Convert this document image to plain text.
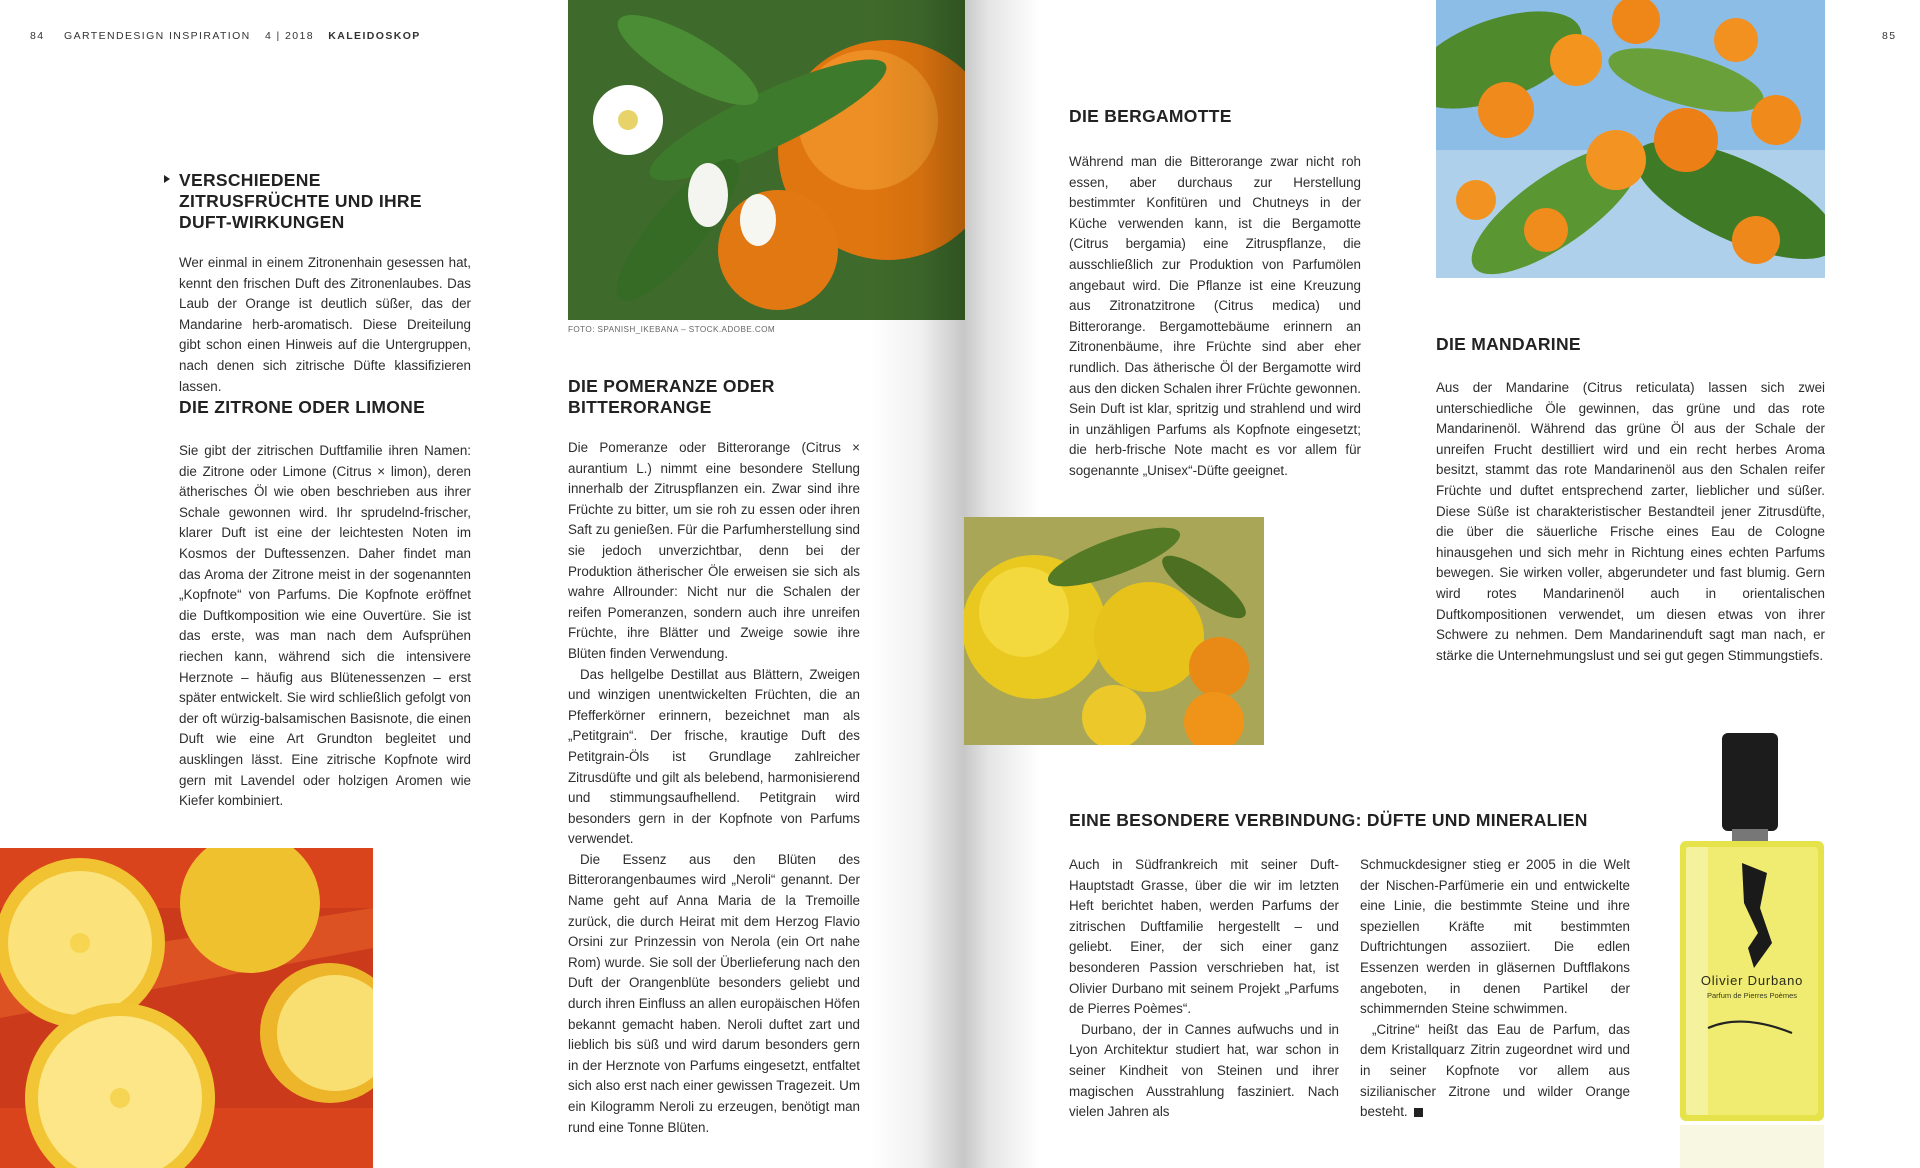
84 GARTENDESIGN INSPIRATION 4 | 2018 KALEIDOSKOP	85
VERSCHIEDENE ZITRUSFRÜCHTE UND IHRE DUFT-WIRKUNGEN

Wer einmal in einem Zitronenhain gesessen hat, kennt den frischen Duft des Zitronenlaubes. Das Laub der Orange ist deutlich süßer, das der Mandarine herb-aromatisch. Diese Dreiteilung gibt schon einen Hinweis auf die Untergruppen, nach denen sich zitrische Düfte klassifizieren lassen.

DIE ZITRONE ODER LIMONE

Sie gibt der zitrischen Duftfamilie ihren Namen: die Zitrone oder Limone (Citrus × limon), deren ätherisches Öl wie oben beschrieben aus ihrer Schale gewonnen wird. Ihr sprudelnd-frischer, klarer Duft ist eine der leichtesten Noten im Kosmos der Duftessenzen. Daher findet man das Aroma der Zitrone meist in der sogenannten „Kopfnote“ von Parfums. Die Kopfnote eröffnet die Duftkomposition wie eine Ouvertüre. Sie ist das erste, was man nach dem Aufsprühen riechen kann, während sich die intensivere Herznote – häufig aus Blütenessenzen – erst später entwickelt. Sie wird schließlich gefolgt von der oft würzig-balsamischen Basisnote, die einen Duft wie eine Art Grundton begleitet und ausklingen lässt. Eine zitrische Kopfnote wird gern mit Lavendel oder holzigen Aromen wie Kiefer kombiniert.

FOTO: SPANISH_IKEBANA – STOCK.ADOBE.COM
DIE POMERANZE ODER BITTERORANGE

Die Pomeranze oder Bitterorange (Citrus × aurantium L.) nimmt eine besondere Stellung innerhalb der Zitruspflanzen ein. Zwar sind ihre Früchte zu bitter, um sie roh zu essen oder ihren Saft zu genießen. Für die Parfumherstellung sind sie jedoch unverzichtbar, denn bei der Produktion ätherischer Öle erweisen sie sich als wahre Allrounder: Nicht nur die Schalen der reifen Pomeranzen, sondern auch ihre unreifen Früchte, ihre Blätter und Zweige sowie ihre Blüten finden Verwendung.

Das hellgelbe Destillat aus Blättern, Zweigen und winzigen unentwickelten Früchten, die an Pfefferkörner erinnern, bezeichnet man als „Petitgrain“. Der frische, krautige Duft des Petitgrain-Öls ist Grundlage zahlreicher Zitrusdüfte und gilt als belebend, harmonisierend und stimmungsaufhellend. Petitgrain wird besonders gern in der Kopfnote von Parfums verwendet.

Die Essenz aus den Blüten des Bitterorangenbaumes wird „Neroli“ genannt. Der Name geht auf Anna Maria de la Tremoille zurück, die durch Heirat mit dem Herzog Flavio Orsini zur Prinzessin von Nerola (ein Ort nahe Rom) wurde. Sie soll der Überlieferung nach den Duft der Orangenblüte besonders geliebt und durch ihren Einfluss an allen europäischen Höfen bekannt gemacht haben. Neroli duftet zart und lieblich bis süß und wird darum besonders gern in der Herznote von Parfums eingesetzt, entfaltet sich also erst nach einer gewissen Tragezeit. Um ein Kilogramm Neroli zu erzeugen, benötigt man rund eine Tonne Blüten.

DIE BERGAMOTTE

Während man die Bitterorange zwar nicht roh essen, aber durchaus zur Herstellung bestimmter Konfitüren und Chutneys in der Küche verwenden kann, ist die Bergamotte (Citrus bergamia) eine Zitruspflanze, die ausschließlich zur Produktion von Parfumölen angebaut wird. Die Pflanze ist eine Kreuzung aus Zitronatzitrone (Citrus medica) und Bitterorange. Bergamottebäume erinnern an Zitronenbäume, ihre Früchte sind aber eher rundlich. Das ätherische Öl der Bergamotte wird aus den dicken Schalen ihrer Früchte gewonnen. Sein Duft ist klar, spritzig und strahlend und wird in unzähligen Parfums als Kopfnote eingesetzt; die herb-frische Note macht es vor allem für sogenannte „Unisex“-Düfte geeignet.

DIE MANDARINE

Aus der Mandarine (Citrus reticulata) lassen sich zwei unterschiedliche Öle gewinnen, das grüne und das rote Mandarinenöl. Während das grüne Öl aus der Schale der unreifen Frucht destilliert wird und ein recht herbes Aroma besitzt, stammt das rote Mandarinenöl aus den Schalen reifer Früchte und duftet entsprechend zarter, lieblicher und süßer. Diese Süße ist charakteristischer Bestandteil jener Zitrusdüfte, die über die säuerliche Frische eines Eau de Cologne hinausgehen und sich mehr in Richtung eines echten Parfums bewegen. Sie wirken voller, abgerundeter und fast blumig. Gern wird rotes Mandarinenöl auch in orientalischen Duftkompositionen verwendet, um diesen etwas von ihrer Schwere zu nehmen. Dem Mandarinenduft sagt man nach, er stärke die Unternehmungslust und sei gut gegen Stimmungstiefs.

EINE BESONDERE VERBINDUNG: DÜFTE UND MINERALIEN

Auch in Südfrankreich mit seiner Duft-Hauptstadt Grasse, über die wir im letzten Heft berichtet haben, werden Parfums der zitrischen Duftfamilie hergestellt – und geliebt. Einer, der sich einer ganz besonderen Passion verschrieben hat, ist Olivier Durbano mit seinem Projekt „Parfums de Pierres Poèmes“.

Durbano, der in Cannes aufwuchs und in Lyon Architektur studiert hat, war schon in seiner Kindheit von Steinen und ihrer magischen Ausstrahlung fasziniert. Nach vielen Jahren als

Schmuckdesigner stieg er 2005 in die Welt der Nischen-Parfümerie ein und entwickelte eine Linie, die bestimmte Steine und ihre speziellen Kräfte mit bestimmten Duftrichtungen assoziiert. Die edlen Essenzen werden in gläsernen Duftflakons angeboten, in denen Partikel der schimmernden Steine schwimmen.

„Citrine“ heißt das Eau de Parfum, das dem Kristallquarz Zitrin zugeordnet wird und in seiner Kopfnote vor allem aus sizilianischer Zitrone und wilder Orange besteht.

Olivier Durbano
Parfum de Pierres Poèmes
